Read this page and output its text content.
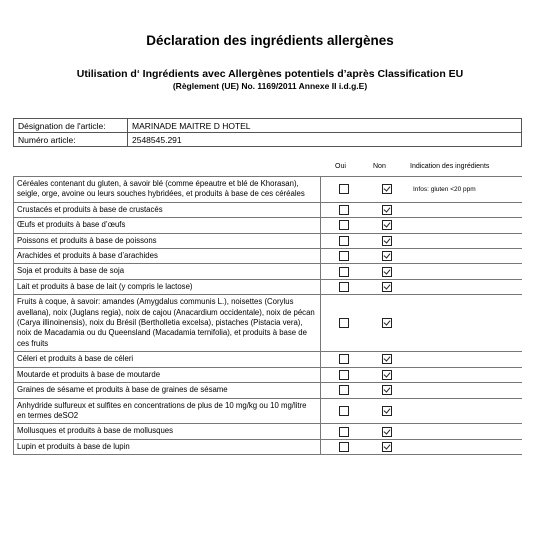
Déclaration des ingrédients allergènes
Utilisation d‘ Ingrédients avec Allergènes potentiels d’après Classification EU
(Règlement (UE) No. 1169/2011 Annexe II i.d.g.E)
Désignation de l'article:	MARINADE MAITRE D HOTEL
Numéro article:	2548545.291
Oui	Non	Indication des ingrédients
Céréales contenant du gluten, à savoir blé (comme épeautre et blé de Khorasan), seigle, orge, avoine ou leurs souches hybridées, et produits à base de ces céréales			Infos: gluten <20 ppm
Crustacés et produits à base de crustacés			
Œufs et produits à base d’œufs			
Poissons et produits à base de poissons			
Arachides et produits à base d’arachides			
Soja et produits à base de soja			
Lait et produits à base de lait (y compris le lactose)			
Fruits à coque, à savoir: amandes (Amygdalus communis L.), noisettes (Corylus avellana), noix (Juglans regia), noix de cajou (Anacardium occidentale), noix de pécan (Carya illinoinensis), noix du Brésil (Bertholletia excelsa), pistaches (Pistacia vera), noix de Macadamia ou du Queensland (Macadamia ternifolia), et produits à base de ces fruits			
Céleri et produits à base de céleri			
Moutarde et produits à base de moutarde			
Graines de sésame et produits à base de graines de sésame			
Anhydride sulfureux et sulfites en concentrations de plus de 10 mg/kg ou 10 mg/litre en termes deSO2			
Mollusques et produits à base de mollusques			
Lupin et produits à base de lupin			
